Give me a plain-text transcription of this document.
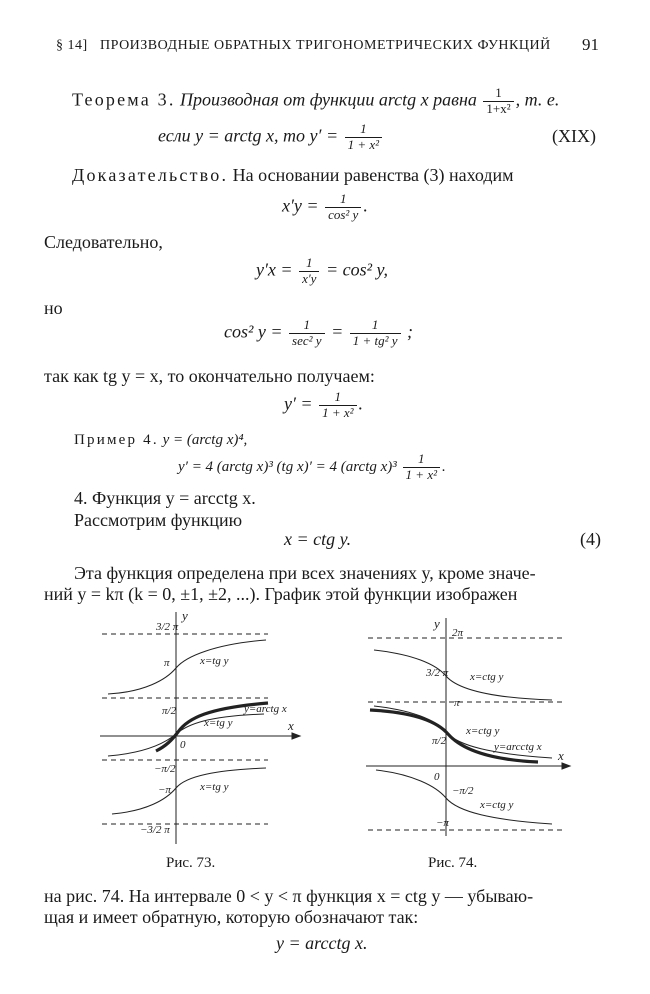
§ 14] ПРОИЗВОДНЫЕ ОБРАТНЫХ ТРИГОНОМЕТРИЧЕСКИХ ФУНКЦИЙ 91
Теорема 3. Производная от функции arctg x равна $\frac{1}{\text{1+x²}}$ , т. е.
если y = arctg x, то $y' = \frac{1}{\text{1 + x²}}$	(XIX)
Доказательство. На основании равенства (3) находим
$x'y = \frac{1}{\text{cos² y}}$ .
Следовательно,
$y'x = \frac{1}{x'y} = \cos^2$ y,
но
cos² $y = \frac{1}{\text{sec² y}} = \frac{1}{\text{1 + tg² y}}$ ;
так как tg y = x, то окончательно получаем:
$y' = \frac{1}{\text{1 + x²}}$ .
Пример 4. y = (arctg x)⁴,
y′ = 4 (arctg x)³ (tg x)′ = 4 (arctg $x)^3 \frac{1}{\text{1 + x²}}$ .
4. Функция y = arcctg x.
Рассмотрим функцию
x = ctg y.	(4)
Эта функция определена при всех значениях y, кроме значе-
ний y = kπ (k = 0, ±1, ±2, ...). График этой функции изображен
y
x
0
3/2 π
π
π/2
−π/2
−π
−3/2 π
x=tg y
y=arctg x
x=tg y
x=tg y
Рис. 73.
y
x
0
2π
3/2 π
π
π/2
−π/2
−π
x=ctg y
x=ctg y
y=arcctg x
x=ctg y
Рис. 74.
на рис. 74. На интервале 0 < y < π функция x = ctg y — убываю-
щая и имеет обратную, которую обозначают так:
y = arcctg x.
